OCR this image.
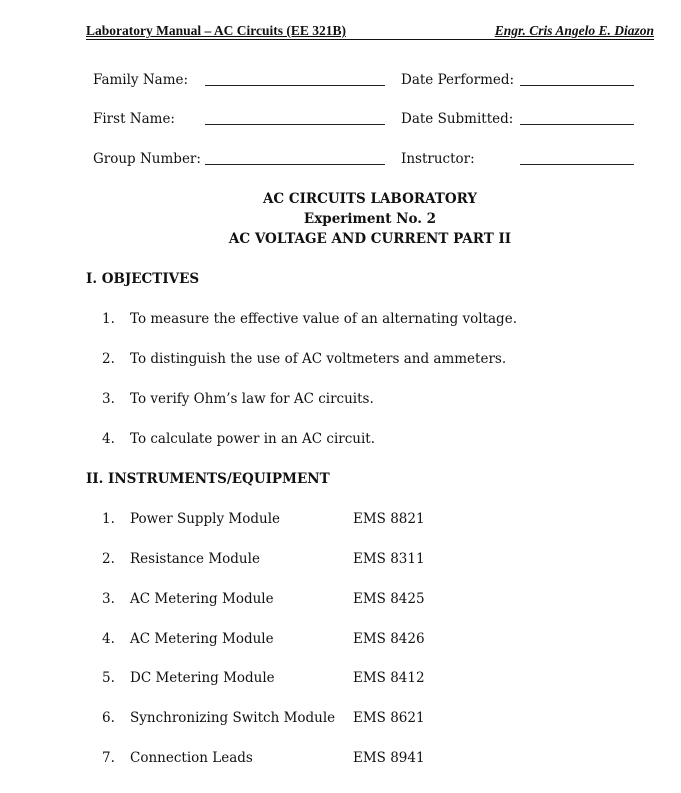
Laboratory Manual – AC Circuits (EE 321B)	Engr. Cris Angelo E. Diazon
Family Name:	Date Performed:
First Name:	Date Submitted:
Group Number:	Instructor:
AC CIRCUITS LABORATORY
Experiment No. 2
AC VOLTAGE AND CURRENT PART II
I. OBJECTIVES
1. To measure the effective value of an alternating voltage.
2. To distinguish the use of AC voltmeters and ammeters.
3. To verify Ohm’s law for AC circuits.
4. To calculate power in an AC circuit.
II. INSTRUMENTS/EQUIPMENT
1. Power Supply Module	EMS 8821
2. Resistance Module	EMS 8311
3. AC Metering Module	EMS 8425
4. AC Metering Module	EMS 8426
5. DC Metering Module	EMS 8412
6. Synchronizing Switch Module EMS 8621
7. Connection Leads	EMS 8941
